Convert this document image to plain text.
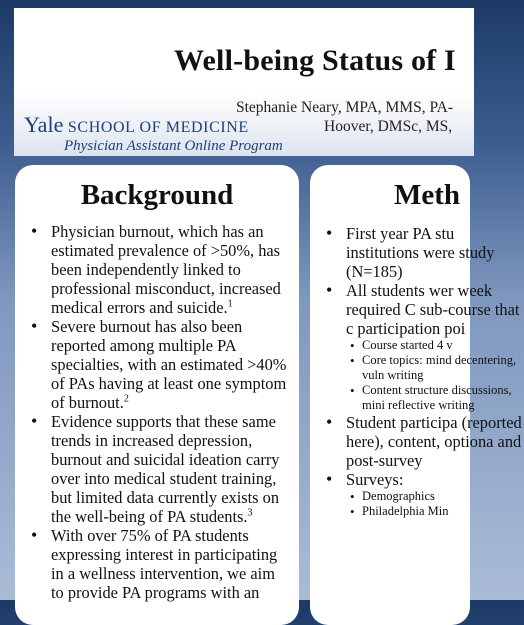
Well-being Status of I
Stephanie Neary, MPA, MMS, PA-
Hoover, DMSc, MS,
Yale SCHOOL OF MEDICINE
Physician Assistant Online Program
Background
• Physician burnout, which has an estimated prevalence of >50%, has been independently linked to professional misconduct, increased medical errors and suicide.$^1$
• Severe burnout has also been reported among multiple PA specialties, with an estimated >40% of PAs having at least one symptom of burnout.$^2$
• Evidence supports that these same trends in increased depression, burnout and suicidal ideation carry over into medical student training, but limited data currently exists on the well-being of PA students.$^3$
• With over 75% of PA students expressing interest in participating in a wellness intervention, we aim to provide PA programs with an
Meth
• First year PA stu institutions were study (N=185)
• All students wer week required C sub-course that c participation poi
• Course started 4 v
• Core topics: mind decentering, vuln writing
• Content structure discussions, mini reflective writing
• Student participa (reported here), content, optiona and post-survey
• Surveys:
• Demographics
• Philadelphia Min
